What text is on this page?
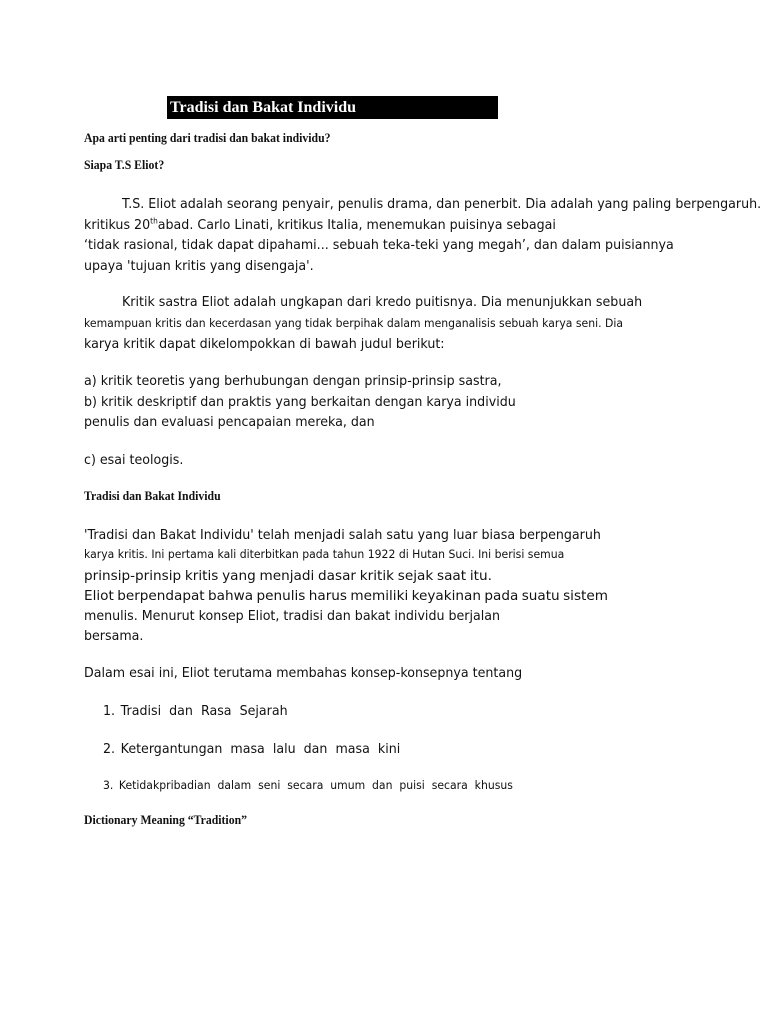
Tradisi dan Bakat Individu
Apa arti penting dari tradisi dan bakat individu?
Siapa T.S Eliot?
T.S. Eliot adalah seorang penyair, penulis drama, dan penerbit. Dia adalah yang paling berpengaruh.
kritikus 20thabad. Carlo Linati, kritikus Italia, menemukan puisinya sebagai
‘tidak rasional, tidak dapat dipahami... sebuah teka-teki yang megah’, dan dalam puisiannya
upaya 'tujuan kritis yang disengaja'.
Kritik sastra Eliot adalah ungkapan dari kredo puitisnya. Dia menunjukkan sebuah
kemampuan kritis dan kecerdasan yang tidak berpihak dalam menganalisis sebuah karya seni. Dia
karya kritik dapat dikelompokkan di bawah judul berikut:
a) kritik teoretis yang berhubungan dengan prinsip-prinsip sastra,
b) kritik deskriptif dan praktis yang berkaitan dengan karya individu
penulis dan evaluasi pencapaian mereka, dan
c) esai teologis.
Tradisi dan Bakat Individu
'Tradisi dan Bakat Individu' telah menjadi salah satu yang luar biasa berpengaruh
karya kritis. Ini pertama kali diterbitkan pada tahun 1922 di Hutan Suci. Ini berisi semua
prinsip-prinsip kritis yang menjadi dasar kritik sejak saat itu.
Eliot berpendapat bahwa penulis harus memiliki keyakinan pada suatu sistem
menulis. Menurut konsep Eliot, tradisi dan bakat individu berjalan
bersama.
Dalam esai ini, Eliot terutama membahas konsep-konsepnya tentang
1. Tradisi  dan  Rasa  Sejarah
2. Ketergantungan  masa  lalu  dan  masa  kini
3. Ketidakpribadian  dalam  seni  secara  umum  dan  puisi  secara  khusus
Dictionary Meaning “Tradition”
